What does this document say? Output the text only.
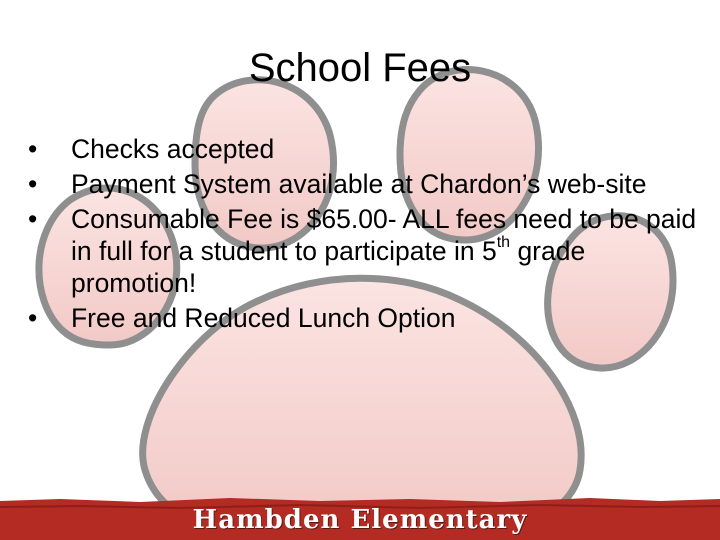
School Fees
•	Checks accepted
•	Payment System available at Chardon’s web-site
•	Consumable Fee is $65.00- ALL fees need to be paid in full for a student to participate in 5th grade promotion!
•	Free and Reduced Lunch Option
Hambden Elementary
